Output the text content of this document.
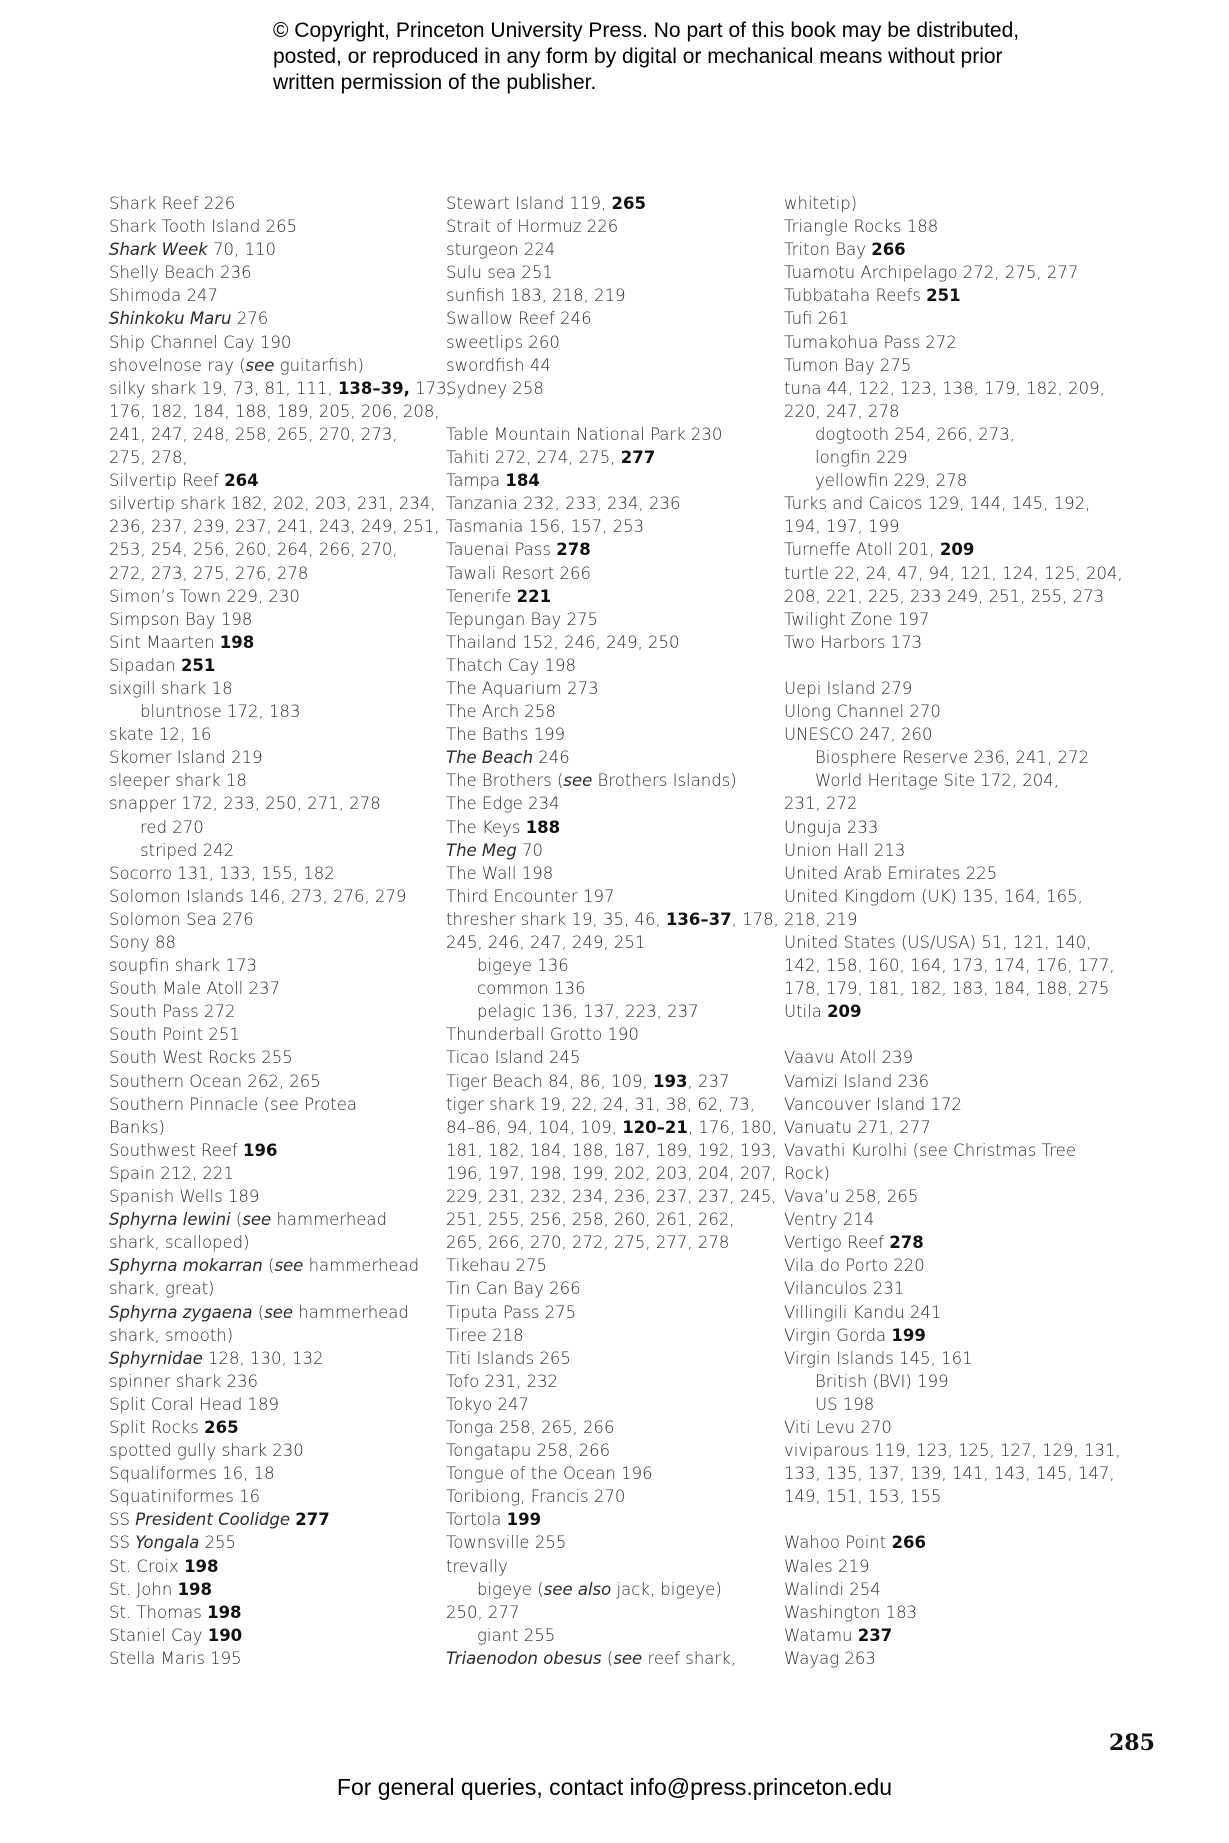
© Copyright, Princeton University Press. No part of this book may be distributed, posted, or reproduced in any form by digital or mechanical means without prior written permission of the publisher.
Shark Reef 226
Shark Tooth Island 265
Shark Week 70, 110
Shelly Beach 236
Shimoda 247
Shinkoku Maru 276
Ship Channel Cay 190
shovelnose ray (see guitarfish)
silky shark 19, 73, 81, 111, 138–39, 173,
176, 182, 184, 188, 189, 205, 206, 208,
241, 247, 248, 258, 265, 270, 273,
275, 278,
Silvertip Reef 264
silvertip shark 182, 202, 203, 231, 234,
236, 237, 239, 237, 241, 243, 249, 251,
253, 254, 256, 260, 264, 266, 270,
272, 273, 275, 276, 278
Simon’s Town 229, 230
Simpson Bay 198
Sint Maarten 198
Sipadan 251
sixgill shark 18
bluntnose 172, 183
skate 12, 16
Skomer Island 219
sleeper shark 18
snapper 172, 233, 250, 271, 278
red 270
striped 242
Socorro 131, 133, 155, 182
Solomon Islands 146, 273, 276, 279
Solomon Sea 276
Sony 88
soupfin shark 173
South Male Atoll 237
South Pass 272
South Point 251
South West Rocks 255
Southern Ocean 262, 265
Southern Pinnacle (see Protea
Banks)
Southwest Reef 196
Spain 212, 221
Spanish Wells 189
Sphyrna lewini (see hammerhead
shark, scalloped)
Sphyrna mokarran (see hammerhead
shark, great)
Sphyrna zygaena (see hammerhead
shark, smooth)
Sphyrnidae 128, 130, 132
spinner shark 236
Split Coral Head 189
Split Rocks 265
spotted gully shark 230
Squaliformes 16, 18
Squatiniformes 16
SS President Coolidge 277
SS Yongala 255
St. Croix 198
St. John 198
St. Thomas 198
Staniel Cay 190
Stella Maris 195
Stewart Island 119, 265
Strait of Hormuz 226
sturgeon 224
Sulu sea 251
sunfish 183, 218, 219
Swallow Reef 246
sweetlips 260
swordfish 44
Sydney 258
Table Mountain National Park 230
Tahiti 272, 274, 275, 277
Tampa 184
Tanzania 232, 233, 234, 236
Tasmania 156, 157, 253
Tauenai Pass 278
Tawali Resort 266
Tenerife 221
Tepungan Bay 275
Thailand 152, 246, 249, 250
Thatch Cay 198
The Aquarium 273
The Arch 258
The Baths 199
The Beach 246
The Brothers (see Brothers Islands)
The Edge 234
The Keys 188
The Meg 70
The Wall 198
Third Encounter 197
thresher shark 19, 35, 46, 136–37, 178,
245, 246, 247, 249, 251
bigeye 136
common 136
pelagic 136, 137, 223, 237
Thunderball Grotto 190
Ticao Island 245
Tiger Beach 84, 86, 109, 193, 237
tiger shark 19, 22, 24, 31, 38, 62, 73,
84–86, 94, 104, 109, 120–21, 176, 180,
181, 182, 184, 188, 187, 189, 192, 193,
196, 197, 198, 199, 202, 203, 204, 207,
229, 231, 232, 234, 236, 237, 237, 245,
251, 255, 256, 258, 260, 261, 262,
265, 266, 270, 272, 275, 277, 278
Tikehau 275
Tin Can Bay 266
Tiputa Pass 275
Tiree 218
Titi Islands 265
Tofo 231, 232
Tokyo 247
Tonga 258, 265, 266
Tongatapu 258, 266
Tongue of the Ocean 196
Toribiong, Francis 270
Tortola 199
Townsville 255
trevally
bigeye (see also jack, bigeye)
250, 277
giant 255
Triaenodon obesus (see reef shark,
whitetip)
Triangle Rocks 188
Triton Bay 266
Tuamotu Archipelago 272, 275, 277
Tubbataha Reefs 251
Tufi 261
Tumakohua Pass 272
Tumon Bay 275
tuna 44, 122, 123, 138, 179, 182, 209,
220, 247, 278
dogtooth 254, 266, 273,
longfin 229
yellowfin 229, 278
Turks and Caicos 129, 144, 145, 192,
194, 197, 199
Turneffe Atoll 201, 209
turtle 22, 24, 47, 94, 121, 124, 125, 204,
208, 221, 225, 233 249, 251, 255, 273
Twilight Zone 197
Two Harbors 173
Uepi Island 279
Ulong Channel 270
UNESCO 247, 260
Biosphere Reserve 236, 241, 272
World Heritage Site 172, 204,
231, 272
Unguja 233
Union Hall 213
United Arab Emirates 225
United Kingdom (UK) 135, 164, 165,
218, 219
United States (US/USA) 51, 121, 140,
142, 158, 160, 164, 173, 174, 176, 177,
178, 179, 181, 182, 183, 184, 188, 275
Utila 209
Vaavu Atoll 239
Vamizi Island 236
Vancouver Island 172
Vanuatu 271, 277
Vavathi Kurolhi (see Christmas Tree
Rock)
Vava’u 258, 265
Ventry 214
Vertigo Reef 278
Vila do Porto 220
Vilanculos 231
Villingili Kandu 241
Virgin Gorda 199
Virgin Islands 145, 161
British (BVI) 199
US 198
Viti Levu 270
viviparous 119, 123, 125, 127, 129, 131,
133, 135, 137, 139, 141, 143, 145, 147,
149, 151, 153, 155
Wahoo Point 266
Wales 219
Walindi 254
Washington 183
Watamu 237
Wayag 263
285
For general queries, contact info@press.princeton.edu
